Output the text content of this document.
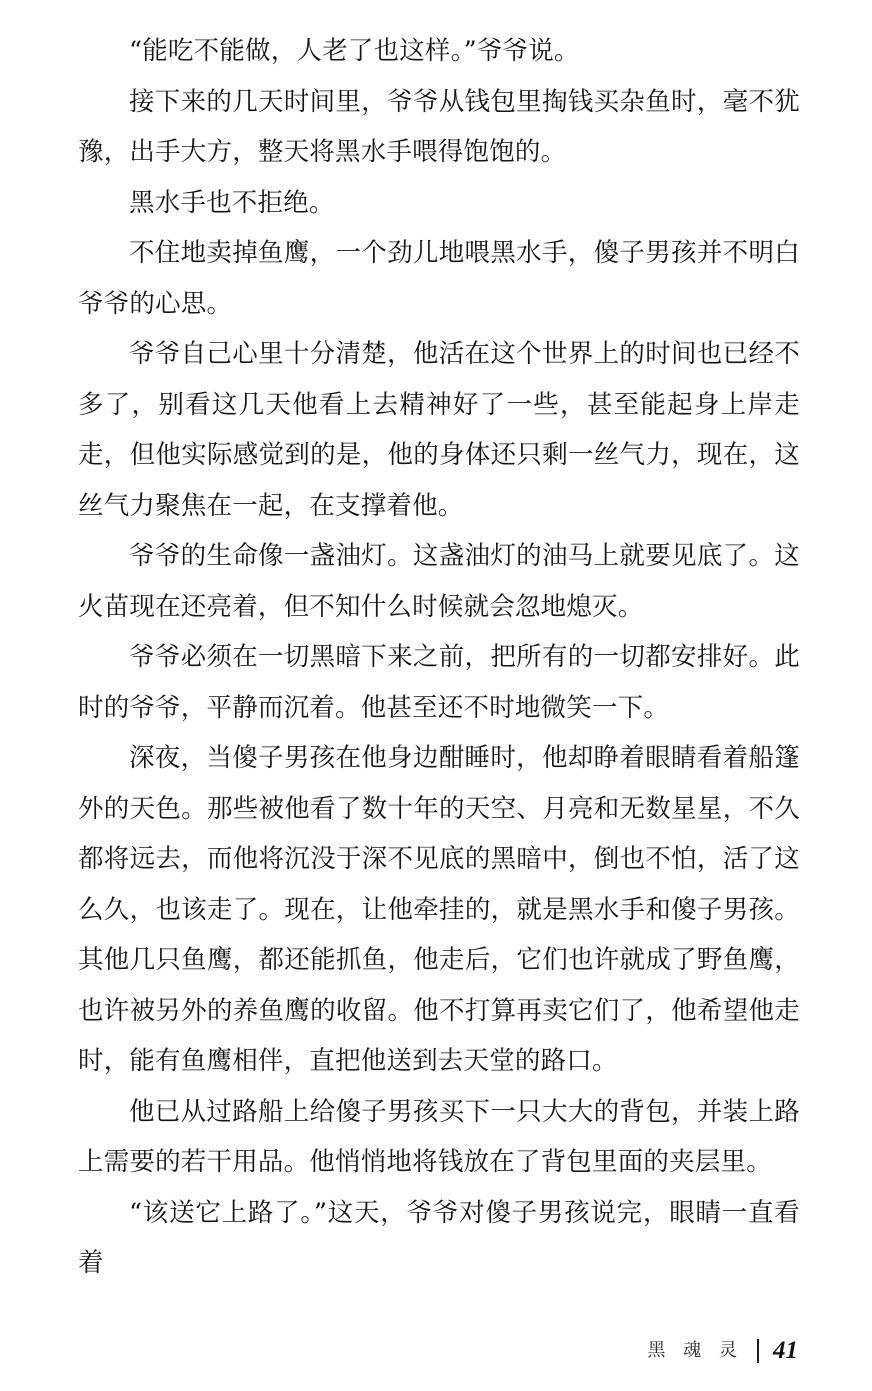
“能吃不能做，人老了也这样。”爷爷说。

接下来的几天时间里，爷爷从钱包里掏钱买杂鱼时，毫不犹豫，出手大方，整天将黑水手喂得饱饱的。

黑水手也不拒绝。

不住地卖掉鱼鹰，一个劲儿地喂黑水手，傻子男孩并不明白爷爷的心思。

爷爷自己心里十分清楚，他活在这个世界上的时间也已经不多了，别看这几天他看上去精神好了一些，甚至能起身上岸走走，但他实际感觉到的是，他的身体还只剩一丝气力，现在，这丝气力聚焦在一起，在支撑着他。

爷爷的生命像一盏油灯。这盏油灯的油马上就要见底了。这火苗现在还亮着，但不知什么时候就会忽地熄灭。

爷爷必须在一切黑暗下来之前，把所有的一切都安排好。此时的爷爷，平静而沉着。他甚至还不时地微笑一下。

深夜，当傻子男孩在他身边酣睡时，他却睁着眼睛看着船篷外的天色。那些被他看了数十年的天空、月亮和无数星星，不久都将远去，而他将沉没于深不见底的黑暗中，倒也不怕，活了这么久，也该走了。现在，让他牵挂的，就是黑水手和傻子男孩。其他几只鱼鹰，都还能抓鱼，他走后，它们也许就成了野鱼鹰，也许被另外的养鱼鹰的收留。他不打算再卖它们了，他希望他走时，能有鱼鹰相伴，直把他送到去天堂的路口。

他已从过路船上给傻子男孩买下一只大大的背包，并装上路上需要的若干用品。他悄悄地将钱放在了背包里面的夹层里。

“该送它上路了。”这天，爷爷对傻子男孩说完，眼睛一直看着

黑 魂 灵 41
